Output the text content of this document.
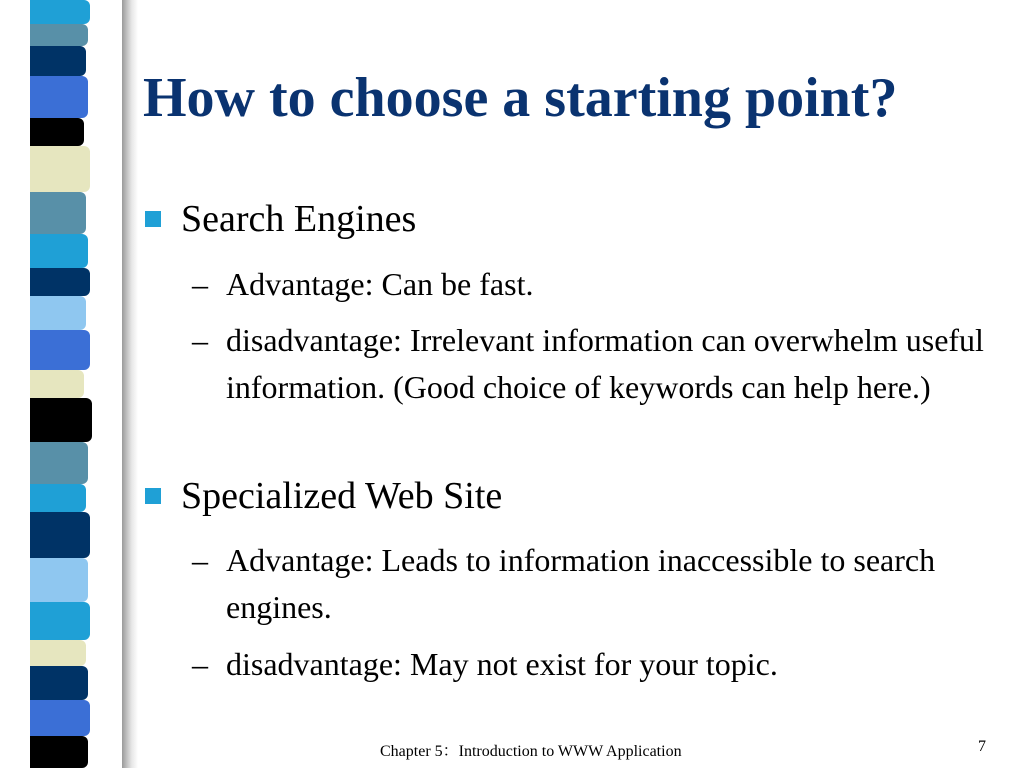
How to choose a starting point?
Search Engines
– Advantage: Can be fast.
– disadvantage: Irrelevant information can overwhelm useful information. (Good choice of keywords can help here.)
Specialized Web Site
– Advantage: Leads to information inaccessible to search engines.
– disadvantage: May not exist for your topic.
Chapter 5：Introduction to WWW Application	7
